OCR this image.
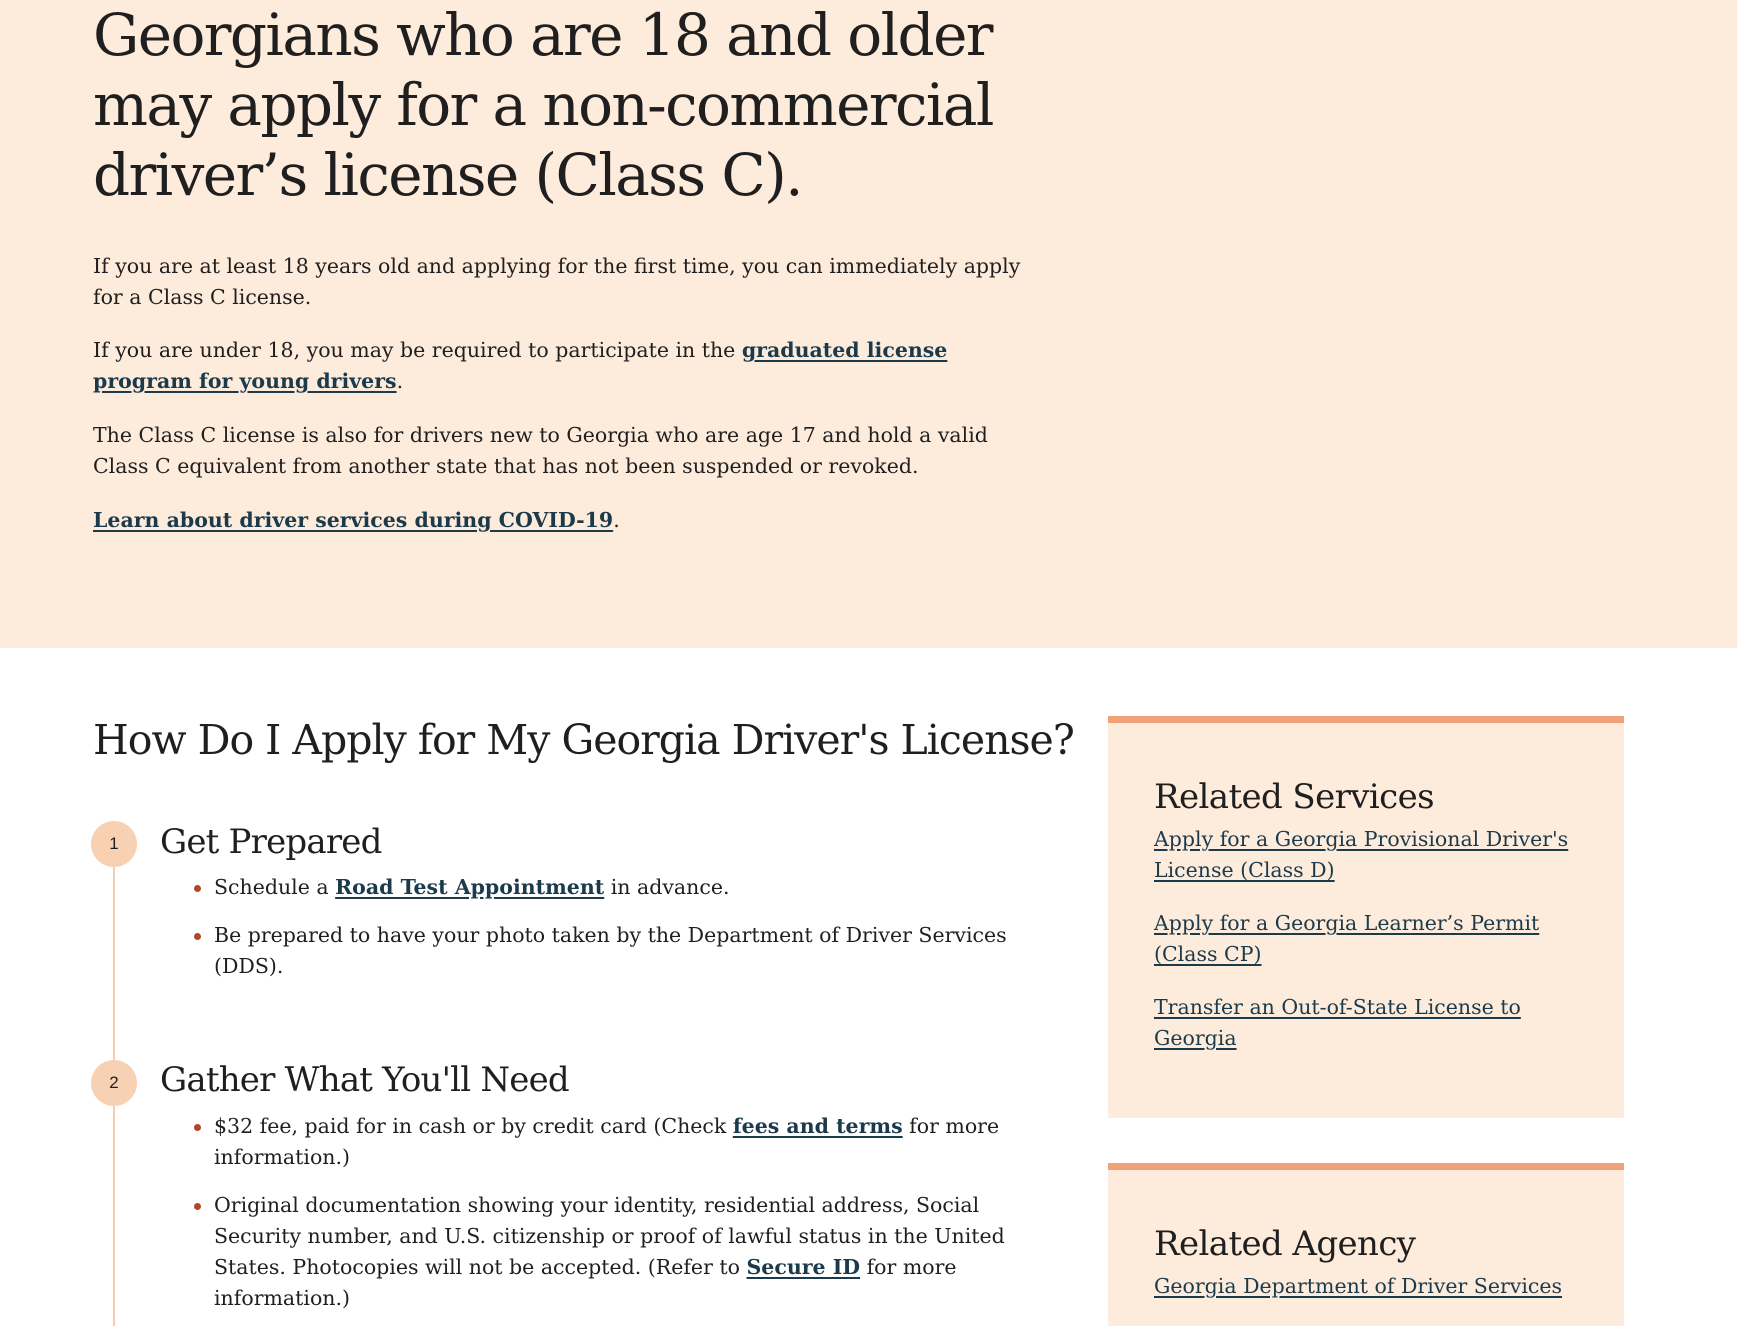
Georgians who are 18 and older may apply for a non-commercial driver’s license (Class C).

If you are at least 18 years old and applying for the first time, you can immediately apply for a Class C license.

If you are under 18, you may be required to participate in the graduated license program for young drivers.

The Class C license is also for drivers new to Georgia who are age 17 and hold a valid Class C equivalent from another state that has not been suspended or revoked.

Learn about driver services during COVID-19.

How Do I Apply for My Georgia Driver's License?
1	Get Prepared
Schedule a Road Test Appointment in advance.
Be prepared to have your photo taken by the Department of Driver Services (DDS).
2	Gather What You'll Need
$32 fee, paid for in cash or by credit card (Check fees and terms for more information.)
Original documentation showing your identity, residential address, Social Security number, and U.S. citizenship or proof of lawful status in the United States. Photocopies will not be accepted. (Refer to Secure ID for more information.)
Related Services
Apply for a Georgia Provisional Driver's License (Class D)
Apply for a Georgia Learner’s Permit (Class CP)
Transfer an Out-of-State License to Georgia
Related Agency
Georgia Department of Driver Services
